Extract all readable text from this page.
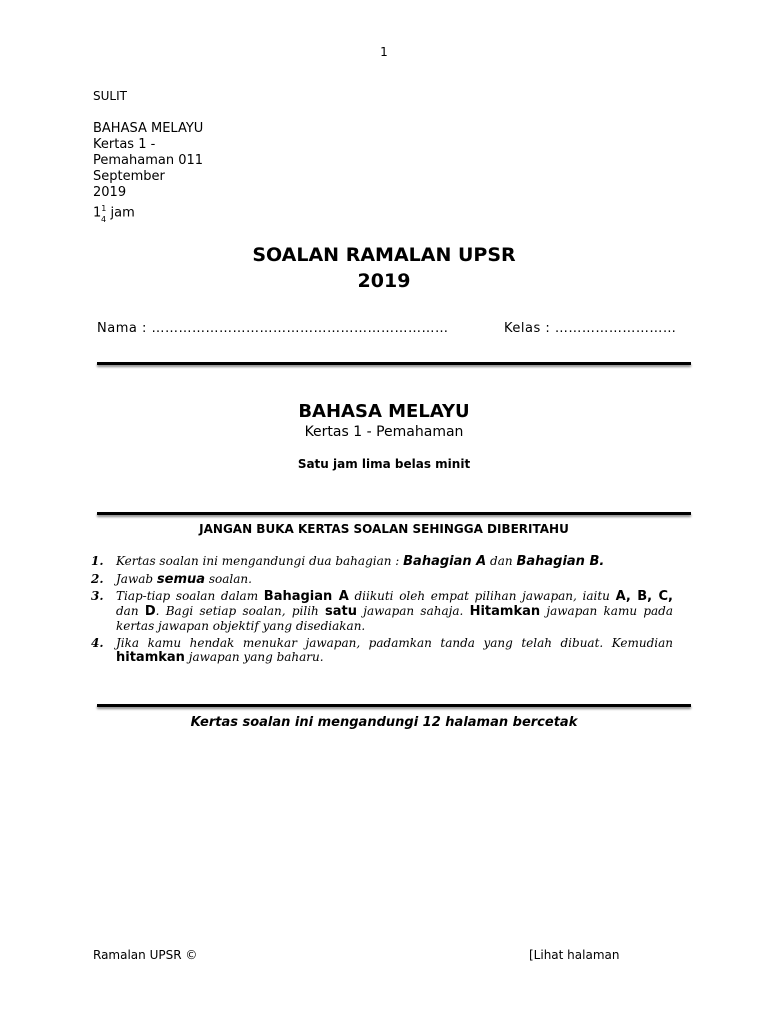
1
SULIT
BAHASA MELAYU
Kertas 1 -
Pemahaman 011
September
2019
$1^1$ jam
4
SOALAN RAMALAN UPSR
2019
Nama : …………………………………………………………	Kelas : ………………………
BAHASA MELAYU
Kertas 1 - Pemahaman
Satu jam lima belas minit
JANGAN BUKA KERTAS SOALAN SEHINGGA DIBERITAHU
1. Kertas soalan ini mengandungi dua bahagian : Bahagian A dan Bahagian B.
2. Jawab semua soalan.
3. Tiap-tiap soalan dalam Bahagian A diikuti oleh empat pilihan jawapan, iaitu A, B, C, dan D. Bagi setiap soalan, pilih satu jawapan sahaja. Hitamkan jawapan kamu pada kertas jawapan objektif yang disediakan.
4. Jika kamu hendak menukar jawapan, padamkan tanda yang telah dibuat. Kemudian hitamkan jawapan yang baharu.
Kertas soalan ini mengandungi 12 halaman bercetak
Ramalan UPSR ©	[Lihat halaman
